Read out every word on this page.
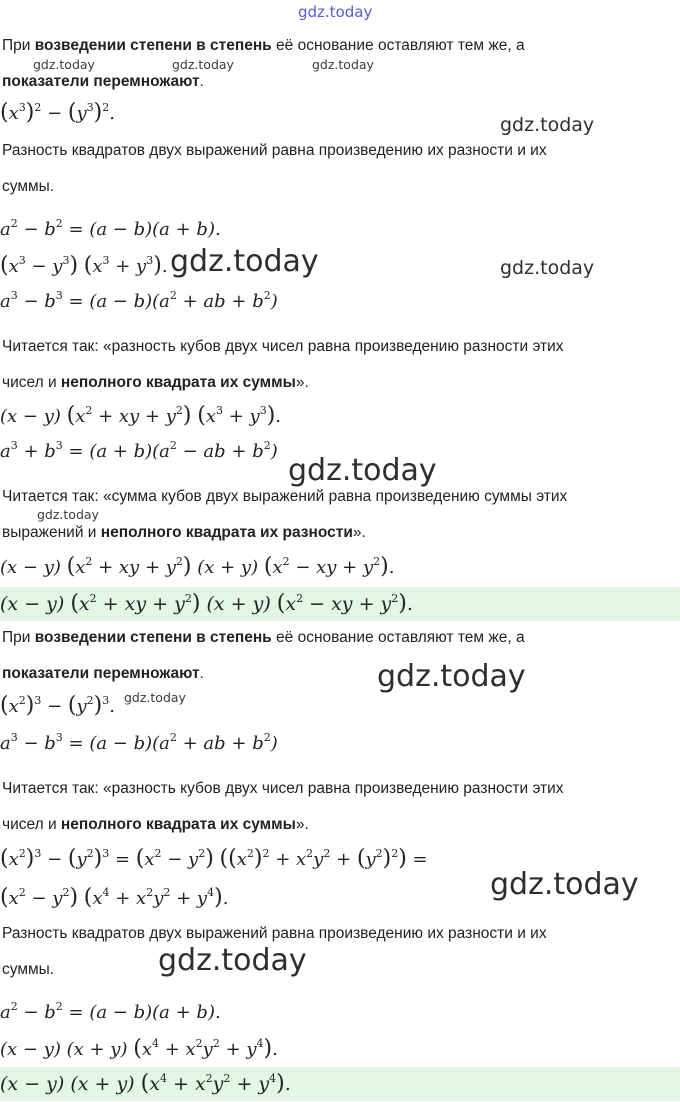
gdz.today
При возведении степени в степень её основание оставляют тем же, а
gdz.today	gdz.today	gdz.today
показатели перемножают.
$(x^3)^2 - (y^3)^2$.
gdz.today
Разность квадратов двух выражений равна произведению их разности и их
суммы.
$a^2 - b^2 = (a - b)(a + b)$.
$(x^3 - y^3) (x^3 + y^3)$. gdz.today	gdz.today
$a^3 - b^3 = (a - b)(a^2$ + ab + $b^2$)
Читается так: «разность кубов двух чисел равна произведению разности этих
чисел и неполного квадрата их суммы».
(x − y) ($x^2$ + xy + $y^2$) $(x^3 + y^3)$.
$a^3 + b^3 = (a + b)(a^2$ − ab + $b^2$)
gdz.today
Читается так: «сумма кубов двух выражений равна произведению суммы этих
gdz.today
выражений и неполного квадрата их разности».
(x − y) ($x^2$ + xy + $y^2$) (x + y) ($x^2$ − xy + $y^2$).
(x − y) ($x^2$ + xy + $y^2$) (x + y) ($x^2$ − xy + $y^2$).
При возведении степени в степень её основание оставляют тем же, а
показатели перемножают.	gdz.today
$(x^2)^3 - (y^2)^3$. gdz.today
$a^3 - b^3 = (a - b)(a^2$ + ab + $b^2$)
Читается так: «разность кубов двух чисел равна произведению разности этих
чисел и неполного квадрата их суммы».
$(x^2)^3 - (y^2)^3 = (x^2 - y^2) ((x^2)^2 + x^2y^2 + (y^2)^2)$ =
$(x^2 - y^2) (x^4 + x^2y^2 + y^4)$.	gdz.today
Разность квадратов двух выражений равна произведению их разности и их
суммы.	gdz.today
$a^2 - b^2 = (a - b)(a + b)$.
(x − y) (x + y) $(x^4 + x^2y^2 + y^4)$.
(x − y) (x + y) $(x^4 + x^2y^2 + y^4)$.
